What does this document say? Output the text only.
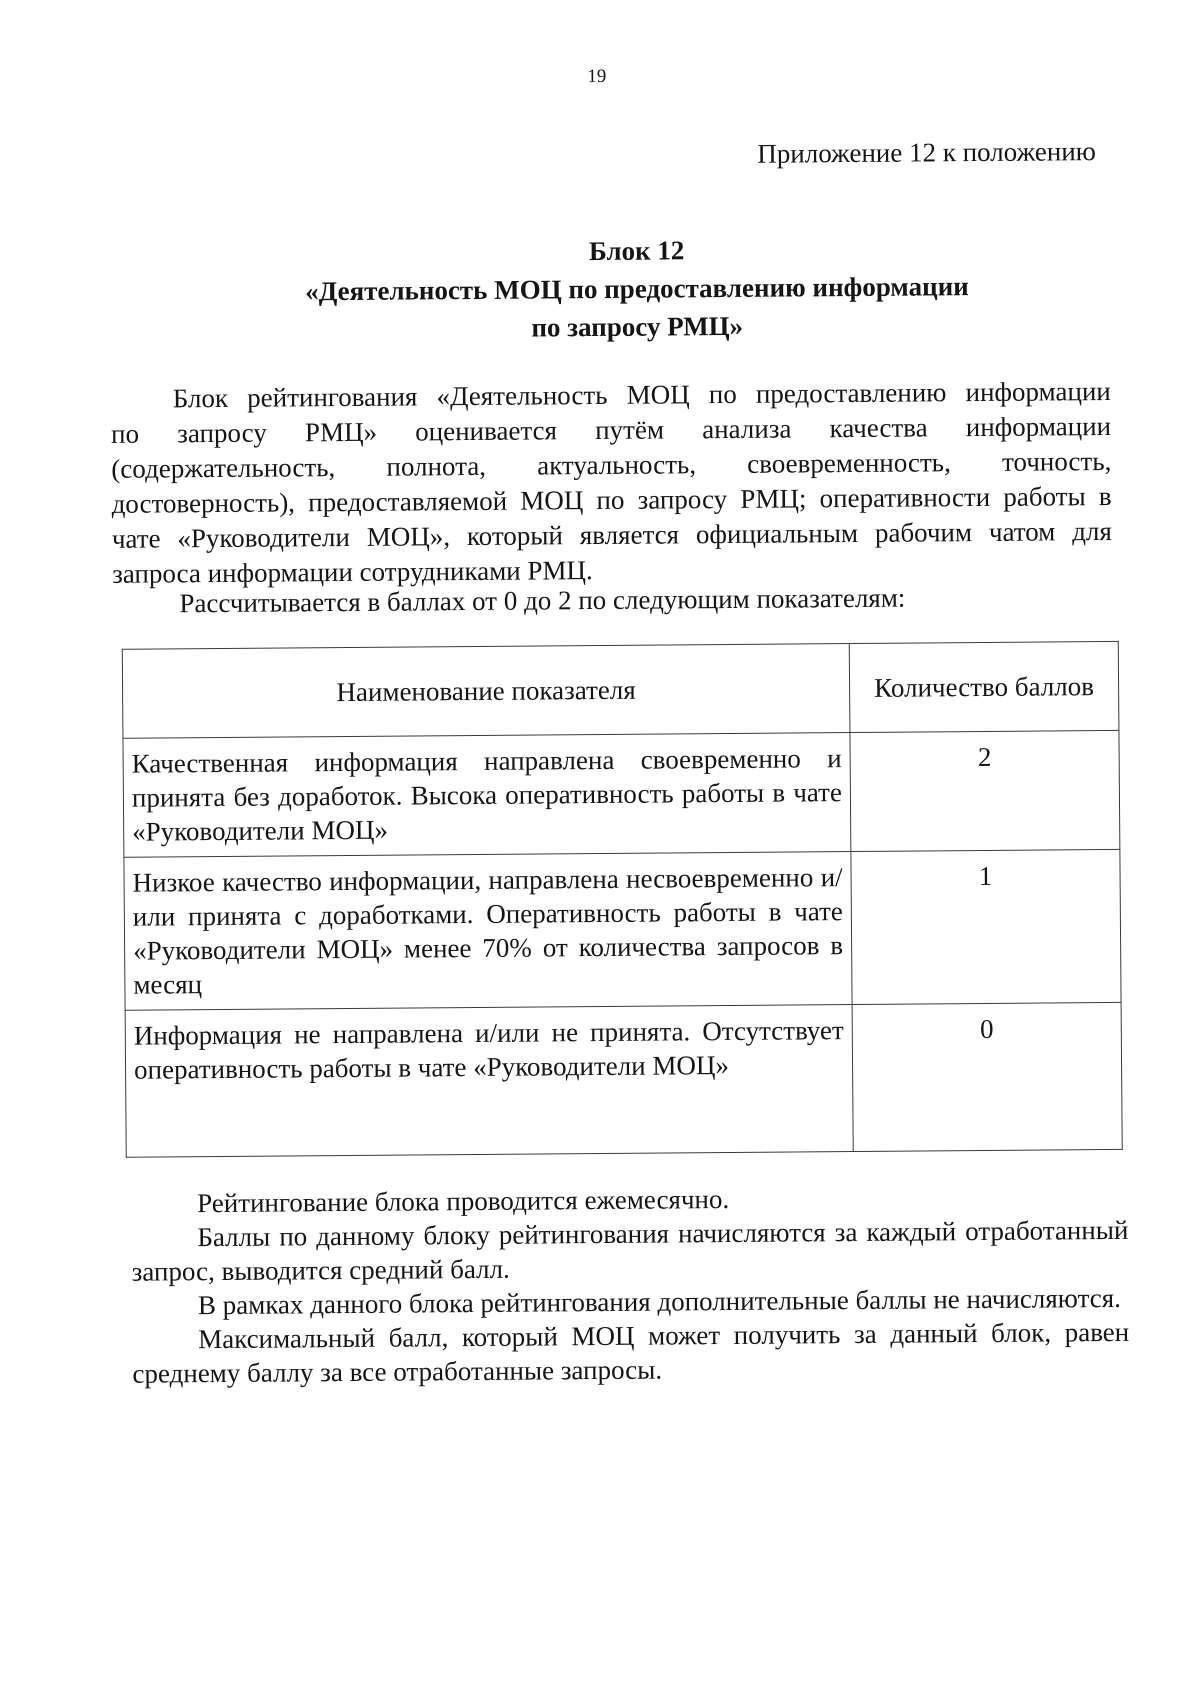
19
Приложение 12 к положению
Блок 12
«Деятельность МОЦ по предоставлению информации
по запросу РМЦ»
Блок рейтингования «Деятельность МОЦ по предоставлению информации
по запросу РМЦ» оценивается путём анализа качества информации
(содержательность, полнота, актуальность, своевременность, точность,
достоверность), предоставляемой МОЦ по запросу РМЦ; оперативности работы в
чате «Руководители МОЦ», который является официальным рабочим чатом для
запроса информации сотрудниками РМЦ.
Рассчитывается в баллах от 0 до 2 по следующим показателям:
Наименование показателя	Количество баллов
Качественная информация направлена своевременно и принята без доработок. Высока оперативность работы в чате «Руководители МОЦ»	2
Низкое качество информации, направлена несвоевременно и/или принята с доработками. Оперативность работы в чате «Руководители МОЦ» менее 70% от количества запросов в месяц	1
Информация не направлена и/или не принята. Отсутствует оперативность работы в чате «Руководители МОЦ»	0

Рейтингование блока проводится ежемесячно.

Баллы по данному блоку рейтингования начисляются за каждый отработанный запрос, выводится средний балл.

В рамках данного блока рейтингования дополнительные баллы не начисляются.

Максимальный балл, который МОЦ может получить за данный блок, равен среднему баллу за все отработанные запросы.
